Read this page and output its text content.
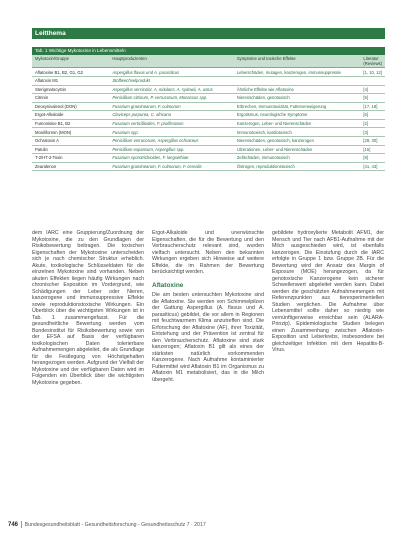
Leitthema
Tab. 1 Wichtige Mykotoxine in Lebensmitteln
Mykotoxin/Gruppe	Hauptproduzenten	Symptome und toxische Effekte	Literatur (Reviews)
Aflatoxine B1, B2, G1, G2	Aspergillus flavus und A. parasiticus	Leberschäden, mutagen, kanzerogen, immunsuppressiv	[1, 10, 12]
Aflatoxin M1	Stoffwechselprodukt		
Sterigmatocystin	Aspergillus versicolor, A. nidulans, A. sydowii, A. ustus	Ähnliche Effekte wie Aflatoxine	[4]
Citrinin	Penicillium citrinum, P. verrucosum, Monascus spp.	Nierenschäden, genotoxisch	[5]
Deoxynivalenol (DON)	Fusarium graminearum, F. culmorum	Erbrechen, Immunotoxizität, Futterverweigerung	[17, 18]
Ergot-Alkaloide	Claviceps purpurea, C. africana	Ergotismus, neurologische Symptome	[6]
Fumonisine B1, B2	Fusarium verticillioides, F. proliferatum	Kanzerogen, Leber- und Nierenschäden	[2]
Moniliformin (MON)	Fusarium spp.	Immunotoxisch, kardiotoxisch	[3]
Ochratoxin A	Penicillium verrucosum, Aspergillus ochraceus	Nierenschäden, genotoxisch, kanzerogen	[28, 30]
Patulin	Penicillium expansum, Aspergillus spp.	Ulzerationen, Leber- und Nierenschäden	[15]
T-2/HT-2-Toxin	Fusarium sporotrichioides, F. langsethiae	Zellschäden, immunotoxisch	[8]
Zearalenon	Fusarium graminearum, F. culmorum, F. cerealis	Östrogen, reproduktionstoxisch	[41, 43]

dem IARC eine Gruppierung/Zuordnung der Mykotoxine, die zu den Grundlagen der Risikobewertung beitragen. Die toxischen Eigenschaften der Mykotoxine unterscheiden sich je nach chemischer Struktur erheblich. Akute, toxikologische Schlüsseldaten für die einzelnen Mykotoxine sind vorhanden. Neben akuten Effekten liegen häufig Wirkungen nach chronischer Exposition im Vordergrund, wie Schädigungen der Leber oder Nieren, kanzerogene und immunsuppressive Effekte sowie reproduktionstoxische Wirkungen. Ein Überblick über die wichtigsten Wirkungen ist in Tab. 1 zusammengefasst. Für die gesundheitliche Bewertung werden vom Bundesinstitut für Risikobewertung sowie von der EFSA auf Basis der verfügbaren toxikologischen Daten tolerierbare Aufnahmemengen abgeleitet, die als Grundlage für die Festlegung von Höchstgehalten herangezogen werden. Aufgrund der Vielfalt der Mykotoxine und der verfügbaren Daten wird im Folgenden ein Überblick über die wichtigsten Mykotoxine gegeben.

Ergot-Alkaloide und unerwünschte Eigenschaften, die für die Bewertung und den Verbraucherschutz relevant sind, wurden vielfach untersucht. Neben den bekannten Wirkungen ergeben sich Hinweise auf weitere Effekte, die im Rahmen der Bewertung berücksichtigt werden.

Aflatoxine

Die am besten untersuchten Mykotoxine sind die Aflatoxine. Sie werden von Schimmelpilzen der Gattung Aspergillus (A. flavus und A. parasiticus) gebildet, die vor allem in Regionen mit feuchtwarmem Klima anzutreffen sind. Die Erforschung der Aflatoxine (AF), ihrer Toxizität, Entstehung und der Prävention ist zentral für den Verbraucherschutz. Aflatoxine sind stark kanzerogen; Aflatoxin B1 gilt als eines der stärksten natürlich vorkommenden Kanzerogene. Nach Aufnahme kontaminierter Futtermittel wird Aflatoxin B1 im Organismus zu Aflatoxin M1 metabolisiert, das in die Milch übergeht.

gebildete hydroxylierte Metabolit AFM1, der Mensch und Tier nach AFB1-Aufnahme mit der Milch ausgeschieden wird, ist ebenfalls kanzerogen. Die Einstufung durch die IARC erfolgte in Gruppe 1 bzw. Gruppe 2B. Für die Bewertung wird der Ansatz des Margin of Exposure (MOE) herangezogen, da für genotoxische Kanzerogene kein sicherer Schwellenwert abgeleitet werden kann. Dabei werden die geschätzten Aufnahmemengen mit Referenzpunkten aus tierexperimentellen Studien verglichen. Die Aufnahme über Lebensmittel sollte daher so niedrig wie vernünftigerweise erreichbar sein (ALARA-Prinzip). Epidemiologische Studien belegen einen Zusammenhang zwischen Aflatoxin-Exposition und Leberkrebs, insbesondere bei gleichzeitiger Infektion mit dem Hepatitis-B-Virus.

746 Bundesgesundheitsblatt - Gesundheitsforschung - Gesundheitsschutz 7 · 2017
